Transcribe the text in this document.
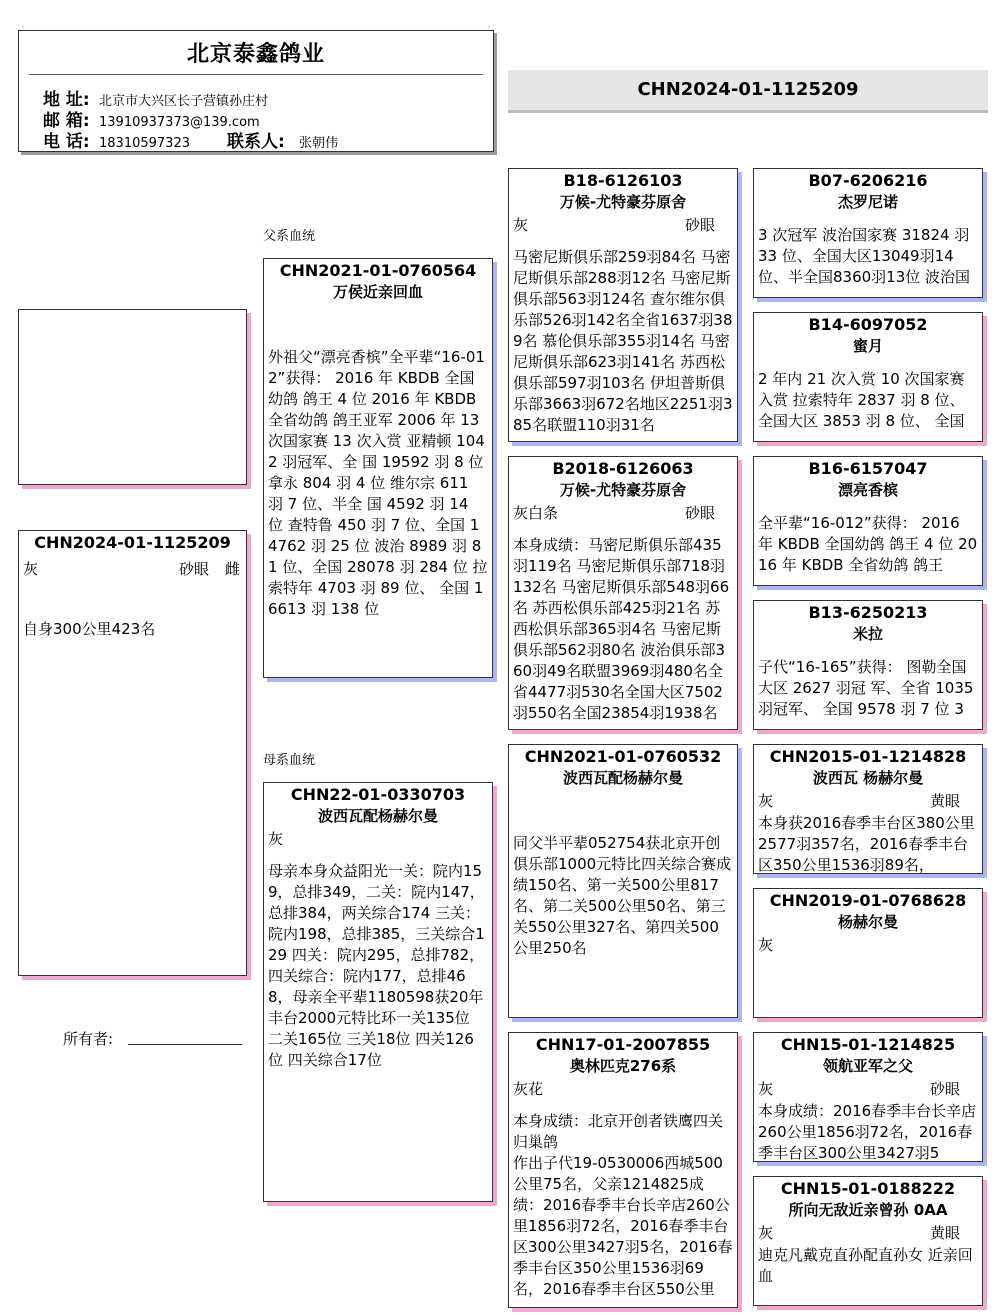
北京泰鑫鸽业
地 址: 北京市大兴区长子营镇孙庄村
邮 箱: 13910937373@139.com
电 话: 18310597323 联系人: 张朝伟
CHN2024-01-1125209
父系血统
母系血统
CHN2024-01-1125209
灰	砂眼 雌
自身300公里423名
所有者:
CHN2021-01-0760564
万侯近亲回血
外祖父“漂亮香槟”全平辈“16-012”获得： 2016 年 KBDB 全国幼鸽 鸽王 4 位 2016 年 KBDB 全省幼鸽 鸽王亚军 2006 年 13 次国家赛 13 次入赏 亚精顿 1042 羽冠军、全 国 19592 羽 8 位 拿永 804 羽 4 位 维尔宗 611 羽 7 位、半全 国 4592 羽 14 位 查特鲁 450 羽 7 位、全国 14762 羽 25 位 波治 8989 羽 81 位、全国 28078 羽 284 位 拉索特年 4703 羽 89 位、 全国 16613 羽 138 位
CHN22-01-0330703
波西瓦配杨赫尔曼
灰
母亲本身众益阳光一关：院内159，总排349，二关：院内147，总排384，两关综合174 三关：院内198，总排385，三关综合129 四关：院内295，总排782，四关综合：院内177，总排468，母亲全平辈1180598获20年丰台2000元特比环一关135位 二关165位 三关18位 四关126位 四关综合17位
B18-6126103
万候-尤特豪芬原舍
灰	砂眼
马密尼斯俱乐部259羽84名 马密尼斯俱乐部288羽12名 马密尼斯俱乐部563羽124名 查尔维尔俱乐部526羽142名全省1637羽389名 慕伦俱乐部355羽14名 马密尼斯俱乐部623羽141名 苏西松俱乐部597羽103名 伊坦普斯俱乐部3663羽672名地区2251羽385名联盟110羽31名
B2018-6126063
万候-尤特豪芬原舍
灰白条	砂眼
本身成绩：马密尼斯俱乐部435羽119名 马密尼斯俱乐部718羽132名 马密尼斯俱乐部548羽66名 苏西松俱乐部425羽21名 苏西松俱乐部365羽4名 马密尼斯俱乐部562羽80名 波治俱乐部360羽49名联盟3969羽480名全省4477羽530名全国大区7502羽550名全国23854羽1938名
CHN2021-01-0760532
波西瓦配杨赫尔曼
同父半平辈052754获北京开创俱乐部1000元特比四关综合赛成绩150名、第一关500公里817名、第二关500公里50名、第三关550公里327名、第四关500公里250名
CHN17-01-2007855
奥林匹克276系
灰花
本身成绩：北京开创者铁鹰四关归巢鸽
作出子代19-0530006西城500公里75名，父亲1214825成绩：2016春季丰台长辛店260公里1856羽72名，2016春季丰台区300公里3427羽5名，2016春季丰台区350公里1536羽69名，2016春季丰台区550公里
B07-6206216
杰罗尼诺
3 次冠军 波治国家赛 31824 羽 33 位、全国大区13049羽14 位、半全国8360羽13位 波治国
B14-6097052
蜜月
2 年内 21 次入赏 10 次国家赛 入赏 拉索特年 2837 羽 8 位、 全国大区 3853 羽 8 位、 全国
B16-6157047
漂亮香槟
全平辈“16-012”获得： 2016 年 KBDB 全国幼鸽 鸽王 4 位 2016 年 KBDB 全省幼鸽 鸽王
B13-6250213
米拉
子代“16-165”获得： 图勒全国大区 2627 羽冠 军、全省 1035 羽冠军、 全国 9578 羽 7 位 3
CHN2015-01-1214828
波西瓦 杨赫尔曼
灰	黄眼
本身获2016春季丰台区380公里2577羽357名，2016春季丰台区350公里1536羽89名，
CHN2019-01-0768628
杨赫尔曼
灰
CHN15-01-1214825
领航亚军之父
灰	砂眼
本身成绩：2016春季丰台长辛店260公里1856羽72名，2016春季丰台区300公里3427羽5
CHN15-01-0188222
所向无敌近亲曾孙 0AA
灰	黄眼
迪克凡戴克直孙配直孙女 近亲回血
